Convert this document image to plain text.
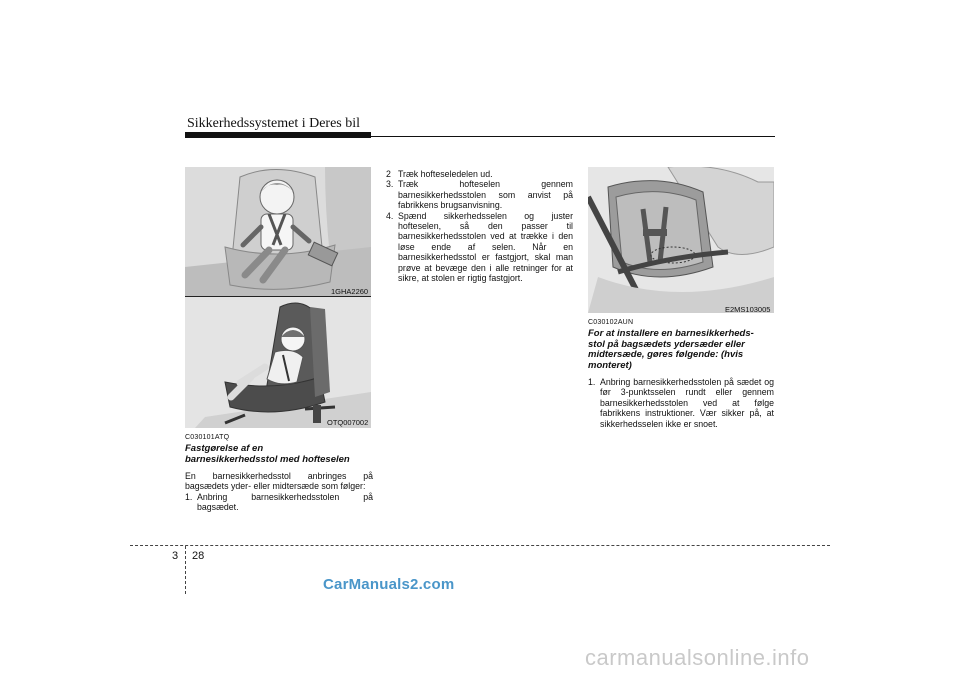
Sikkerhedssystemet i Deres bil
1GHA2260
OTQ007002
C030101ATQ
Fastgørelse af en barnesikkerhedsstol med hofteselen
En barnesikkerhedsstol anbringes på bagsædets yder- eller midtersæde som følger:
1. Anbring barnesikkerhedsstolen på bagsædet.
2 Træk hofteseledelen ud.
3. Træk hofteselen gennem barnesikkerhedsstolen som anvist på fabrikkens brugsanvisning.
4. Spænd sikkerhedsselen og juster hofteselen, så den passer til barnesikkerhedsstolen ved at trække i den løse ende af selen. Når en barnesikkerhedsstol er fastgjort, skal man prøve at bevæge den i alle retninger for at sikre, at stolen er rigtig fastgjort.
E2MS103005
C030102AUN
For at installere en barnesikkerheds-stol på bagsædets ydersæder eller midtersæde, gøres følgende: (hvis monteret)
1. Anbring barnesikkerhedsstolen på sædet og før 3-punktsselen rundt eller gennem barnesikkerhedsstolen ved at følge fabrikkens instruktioner. Vær sikker på, at sikkerhedsselen ikke er snoet.
3 28
CarManuals2.com
carmanualsonline.info
